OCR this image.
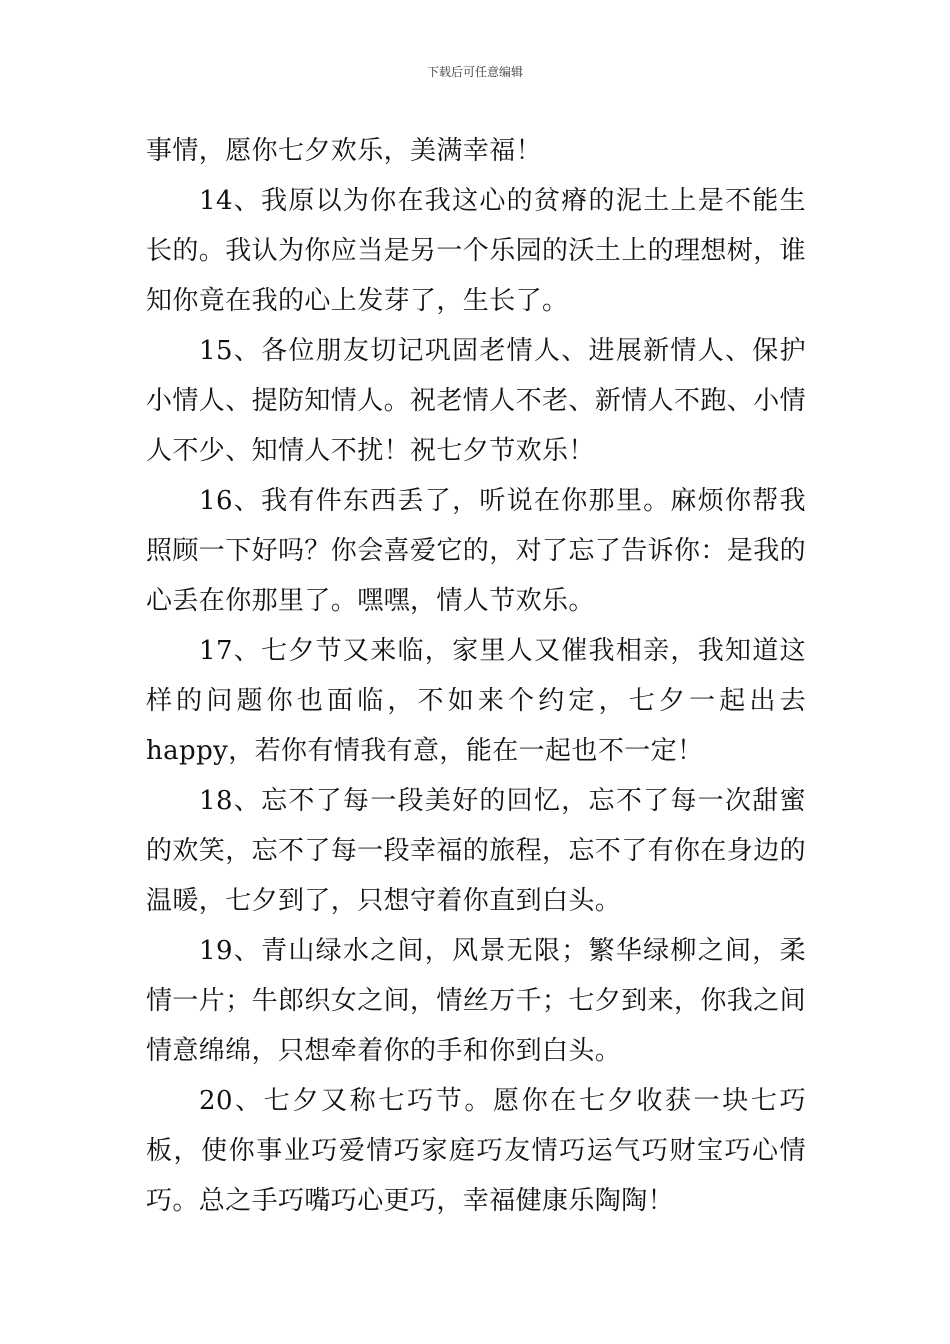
下载后可任意编辑

事情，愿你七夕欢乐，美满幸福！

14、我原以为你在我这心的贫瘠的泥土上是不能生长的。我认为你应当是另一个乐园的沃土上的理想树，谁知你竟在我的心上发芽了，生长了。

15、各位朋友切记巩固老情人、进展新情人、保护小情人、提防知情人。祝老情人不老、新情人不跑、小情人不少、知情人不扰！祝七夕节欢乐！

16、我有件东西丢了，听说在你那里。麻烦你帮我照顾一下好吗？你会喜爱它的，对了忘了告诉你：是我的心丢在你那里了。嘿嘿，情人节欢乐。

17、七夕节又来临，家里人又催我相亲，我知道这样的问题你也面临，不如来个约定，七夕一起出去 happy，若你有情我有意，能在一起也不一定！

18、忘不了每一段美好的回忆，忘不了每一次甜蜜的欢笑，忘不了每一段幸福的旅程，忘不了有你在身边的温暖，七夕到了，只想守着你直到白头。

19、青山绿水之间，风景无限；繁华绿柳之间，柔情一片；牛郎织女之间，情丝万千；七夕到来，你我之间情意绵绵，只想牵着你的手和你到白头。

20、七夕又称七巧节。愿你在七夕收获一块七巧板，使你事业巧爱情巧家庭巧友情巧运气巧财宝巧心情巧。总之手巧嘴巧心更巧，幸福健康乐陶陶！
